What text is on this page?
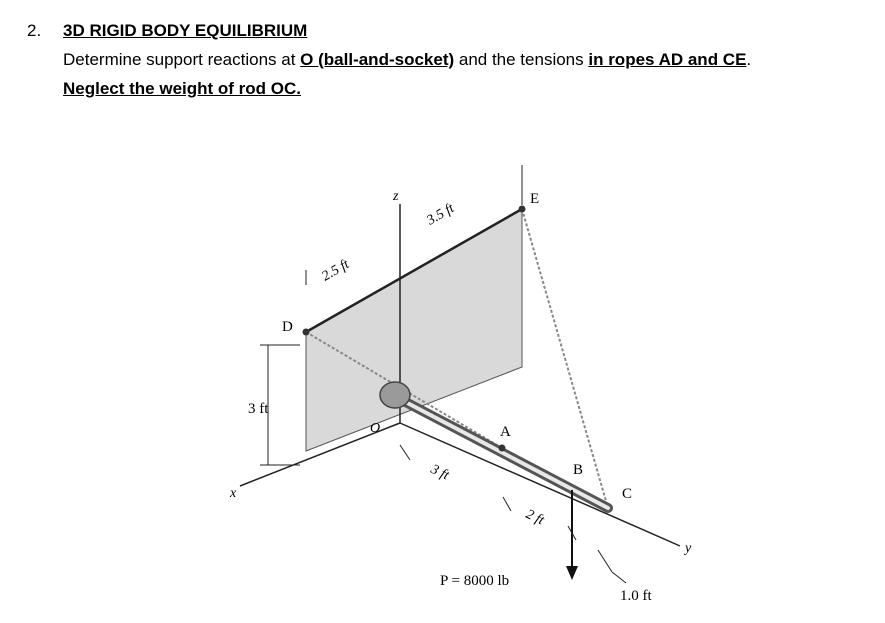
2. 3D RIGID BODY EQUILIBRIUM
Determine support reactions at O (ball-and-socket) and the tensions in ropes AD and CE.
Neglect the weight of rod OC.
2.5 ft
3.5 ft
3 ft
3 ft
2 ft
1.0 ft
P = 8000 lb
D
E
O	A
B
C
x
y
z
